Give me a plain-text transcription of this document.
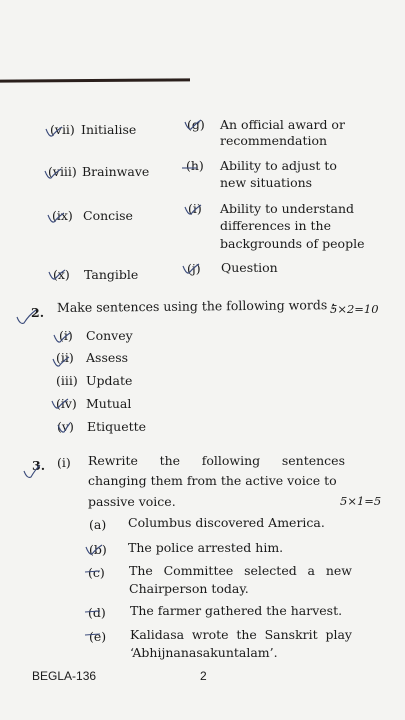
(vii) Initialise	(g) An official award or
recommendation
(viii) Brainwave	(h) Ability to adjust to
new situations
(ix) Concise	(i) Ability to understand
differences in the
backgrounds of people
(x) Tangible	(j) Question
2. Make sentences using the following words :
5×2=10
(i) Convey
(ii) Assess
(iii) Update
(iv) Mutual
(v) Etiquette
3. (i) Rewrite the following sentences
changing them from the active voice to
passive voice.	5×1=5
(a) Columbus discovered America.
(b) The police arrested him.
(c) The Committee selected a new
Chairperson today.
(d) The farmer gathered the harvest.
(e) Kalidasa wrote the Sanskrit play
‘Abhijnanasakuntalam’.
BEGLA-136	2
